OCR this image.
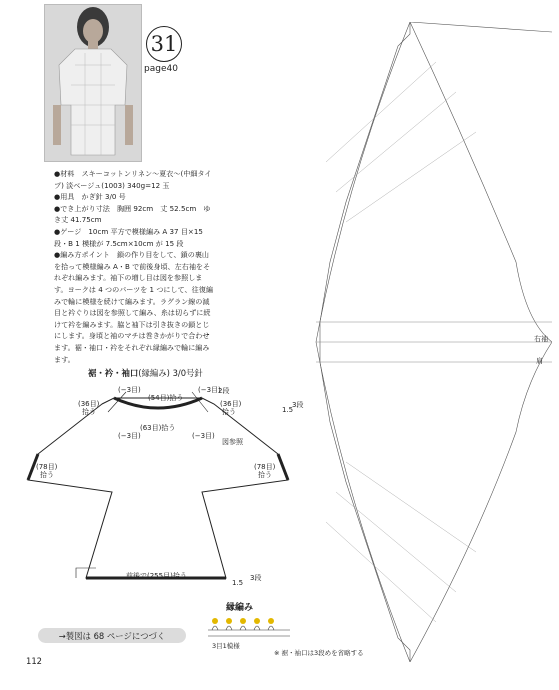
31
page40

●材料　スキーコットンリネン〜夏衣〜(中細タイプ) 淡ベージュ(1003) 340g=12 玉

●用具　かぎ針 3/0 号

●でき上がり寸法　胸囲 92cm　丈 52.5cm　ゆき丈 41.75cm

●ゲージ　10cm 平方で模様編み A 37 目×15 段・B 1 模様が 7.5cm×10cm が 15 段

●編み方ポイント　鎖の作り目をして、鎖の裏山を拾って模様編み A・B で前後身頃、左右袖をそれぞれ編みます。袖下の増し目は図を参照します。ヨークは 4 つのパーツを 1 つにして、往復編みで輪に模様を続けて編みます。ラグラン線の減目と衿ぐりは図を参照して編み、糸は切らずに続けて衿を編みます。脇と袖下は引き抜きの鎖とじにします。身頃と袖のマチは巻きかがりで合わせます。裾・袖口・衿をそれぞれ縁編みで輪に編みます。

裾・衿・袖口(縁編み) 3/0号針
(−3目)
(54目)拾う
(−3目)
2段
(36目)
拾う
(36目)
拾う
(63目)拾う
(−3目)	(−3目)
図参照
1.5
3段
(78目)
拾う
(78目)
拾う
前後で(255目)拾う
1.5
3段
縁編み
3目1模様
※ 裾・袖口は3段めを省略する
→製図は 68 ページにつづく
112
右袖
肩
